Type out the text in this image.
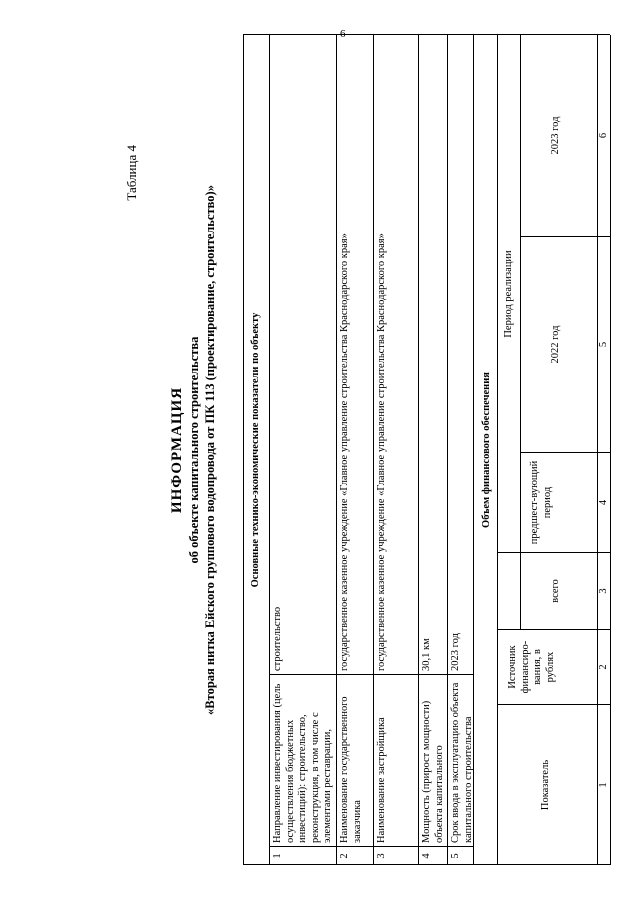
6
Таблица 4
ИНФОРМАЦИЯ об объекте капитального строительства «Вторая нитка Ейского группового водопровода от ПК 113 (проектирование, строительство)»	Основные технико-экономические показатели по объекту
1
Направление инвестирования (цель осуществления бюджетных инвестиций): строительство, реконструкция, в том числе с элементами реставрации,
строительство
2
Наименование государственного заказчика
государственное казенное учреждение «Главное управление строительства Краснодарского края»
3
Наименование застройщика
государственное казенное учреждение «Главное управление строительства Краснодарского края»
4
Мощность (прирост мощности) объекта капитального
30,1 км
5
Срок ввода в эксплуатацию объекта капитального строительства
2023 год
Объем финансового обеспечения
Показатель
Источник финансиро-вания, в рублях
всего
Период реализации
предшест-вующий период
2022 год
2023 год
1
2
3
4
5
6
